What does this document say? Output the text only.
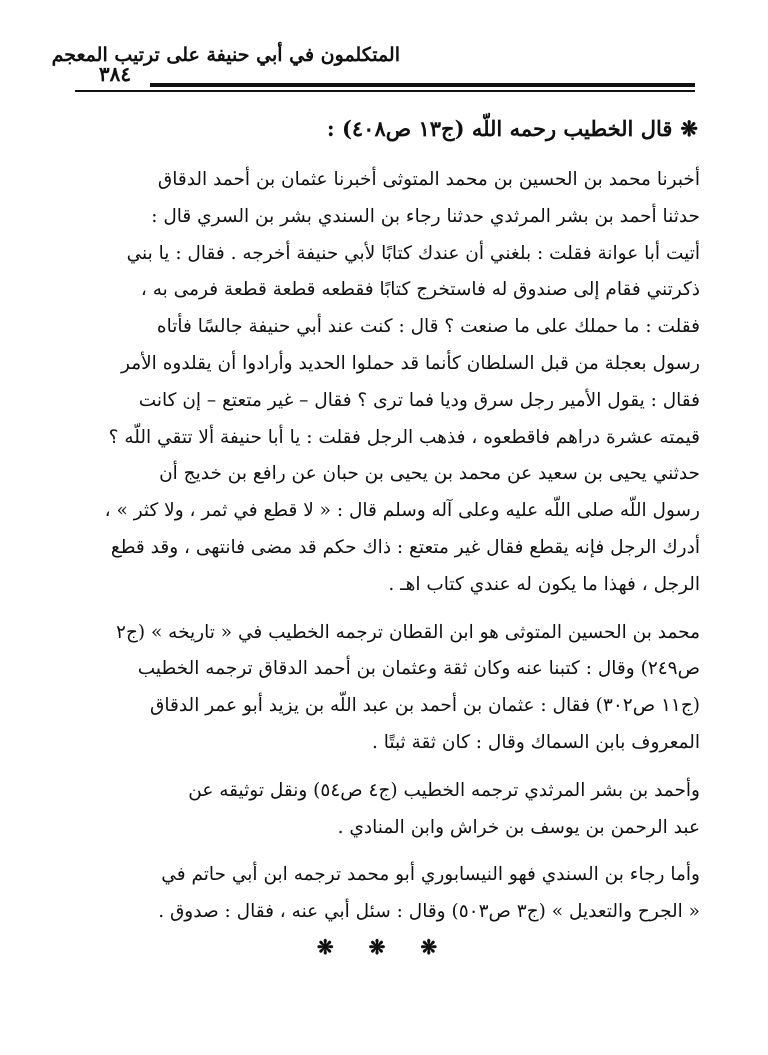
المتكلمون في أبي حنيفة على ترتيب المعجم
٣٨٤
❋قال الخطيب رحمه اللّه (ج١٣ ص٤٠٨) :

أخبرنا محمد بن الحسين بن محمد المتوثى أخبرنا عثمان بن أحمد الدقاق
حدثنا أحمد بن بشر المرثدي حدثنا رجاء بن السندي بشر بن السري قال :
أتيت أبا عوانة فقلت : بلغني أن عندك كتابًا لأبي حنيفة أخرجه . فقال : يا بني
ذكرتني فقام إلى صندوق له فاستخرج كتابًا فقطعه قطعة قطعة فرمى به ،
فقلت : ما حملك على ما صنعت ؟ قال : كنت عند أبي حنيفة جالسًا فأتاه
رسول بعجلة من قبل السلطان كأنما قد حملوا الحديد وأرادوا أن يقلدوه الأمر
فقال : يقول الأمير رجل سرق وديا فما ترى ؟ فقال – غير متعتع – إن كانت
قيمته عشرة دراهم فاقطعوه ، فذهب الرجل فقلت : يا أبا حنيفة ألا تتقي اللّه ؟
حدثني يحيى بن سعيد عن محمد بن يحيى بن حبان عن رافع بن خديج أن
رسول اللّه صلى اللّه عليه وعلى آله وسلم قال : « لا قطع في ثمر ، ولا كثر » ،
أدرك الرجل فإنه يقطع فقال غير متعتع : ذاك حكم قد مضى فانتهى ، وقد قطع
الرجل ، فهذا ما يكون له عندي كتاب اهـ .

محمد بن الحسين المتوثى هو ابن القطان ترجمه الخطيب في « تاريخه » (ج٢
ص٢٤٩) وقال : كتبنا عنه وكان ثقة وعثمان بن أحمد الدقاق ترجمه الخطيب
(ج١١ ص٣٠٢) فقال : عثمان بن أحمد بن عبد اللّه بن يزيد أبو عمر الدقاق
المعروف بابن السماك وقال : كان ثقة ثبتًا .

وأحمد بن بشر المرثدي ترجمه الخطيب (ج٤ ص٥٤) ونقل توثيقه عن
عبد الرحمن بن يوسف بن خراش وابن المنادي .

وأما رجاء بن السندي فهو النيسابوري أبو محمد ترجمه ابن أبي حاتم في
« الجرح والتعديل » (ج٣ ص٥٠٣) وقال : سئل أبي عنه ، فقال : صدوق .

❋ ❋ ❋
